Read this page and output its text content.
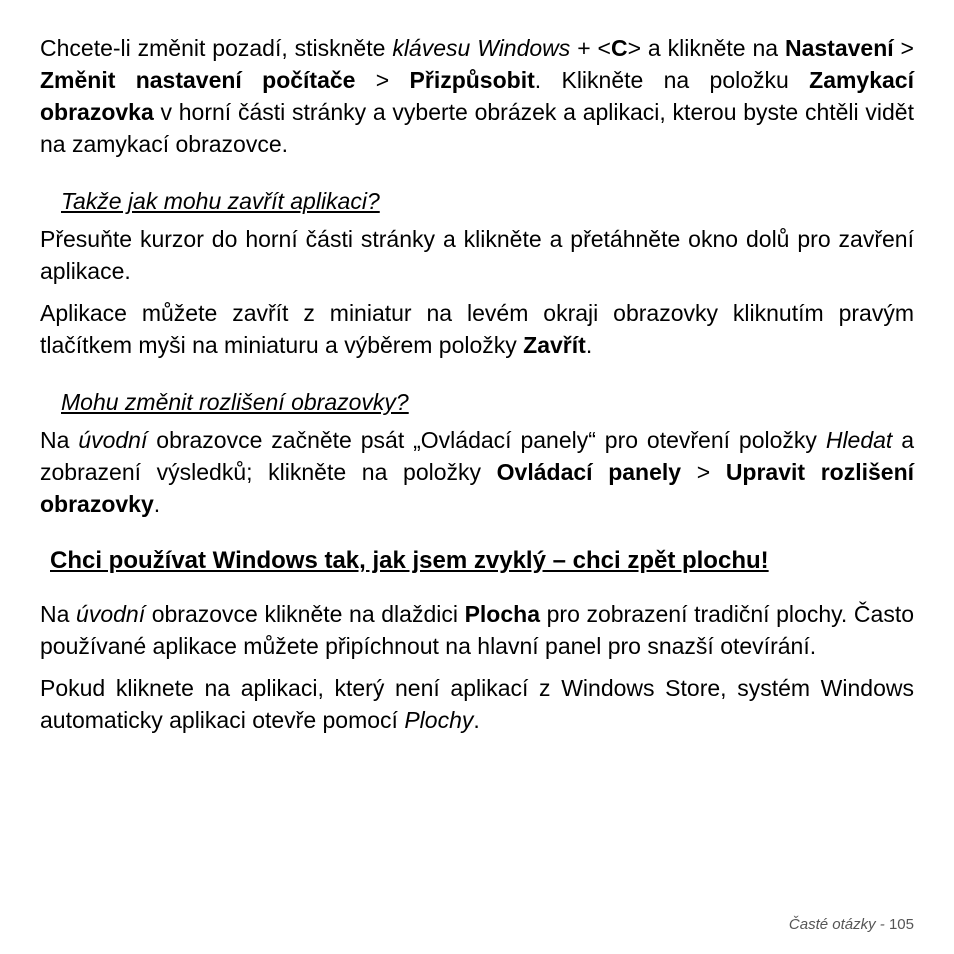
Chcete-li změnit pozadí, stiskněte klávesu Windows + <C> a klikněte na Nastavení > Změnit nastavení počítače > Přizpůsobit. Klikněte na položku Zamykací obrazovka v horní části stránky a vyberte obrázek a aplikaci, kterou byste chtěli vidět na zamykací obrazovce.

Takže jak mohu zavřít aplikaci?

Přesuňte kurzor do horní části stránky a klikněte a přetáhněte okno dolů pro zavření aplikace.

Aplikace můžete zavřít z miniatur na levém okraji obrazovky kliknutím pravým tlačítkem myši na miniaturu a výběrem položky Zavřít.

Mohu změnit rozlišení obrazovky?

Na úvodní obrazovce začněte psát „Ovládací panely“ pro otevření položky Hledat a zobrazení výsledků; klikněte na položky Ovládací panely > Upravit rozlišení obrazovky.

Chci používat Windows tak, jak jsem zvyklý – chci zpět plochu!

Na úvodní obrazovce klikněte na dlaždici Plocha pro zobrazení tradiční plochy. Často používané aplikace můžete připíchnout na hlavní panel pro snazší otevírání.

Pokud kliknete na aplikaci, který není aplikací z Windows Store, systém Windows automaticky aplikaci otevře pomocí Plochy.

Časté otázky - 105
